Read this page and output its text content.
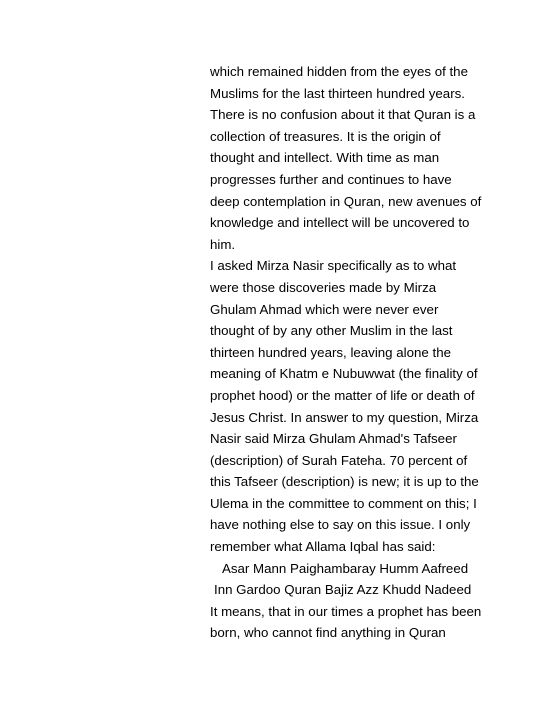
which remained hidden from the eyes of the
Muslims for the last thirteen hundred years.
There is no confusion about it that Quran is a
collection of treasures. It is the origin of
thought and intellect. With time as man
progresses further and continues to have
deep contemplation in Quran, new avenues of
knowledge and intellect will be uncovered to
him.
I asked Mirza Nasir specifically as to what
were those discoveries made by Mirza
Ghulam Ahmad which were never ever
thought of by any other Muslim in the last
thirteen hundred years, leaving alone the
meaning of Khatm e Nubuwwat (the finality of
prophet hood) or the matter of life or death of
Jesus Christ. In answer to my question, Mirza
Nasir said Mirza Ghulam Ahmad's Tafseer
(description) of Surah Fateha. 70 percent of
this Tafseer (description) is new; it is up to the
Ulema in the committee to comment on this; I
have nothing else to say on this issue. I only
remember what Allama Iqbal has said:
Asar Mann Paighambaray Humm Aafreed
Inn Gardoo Quran Bajiz Azz Khudd Nadeed
It means, that in our times a prophet has been
born, who cannot find anything in Quran
